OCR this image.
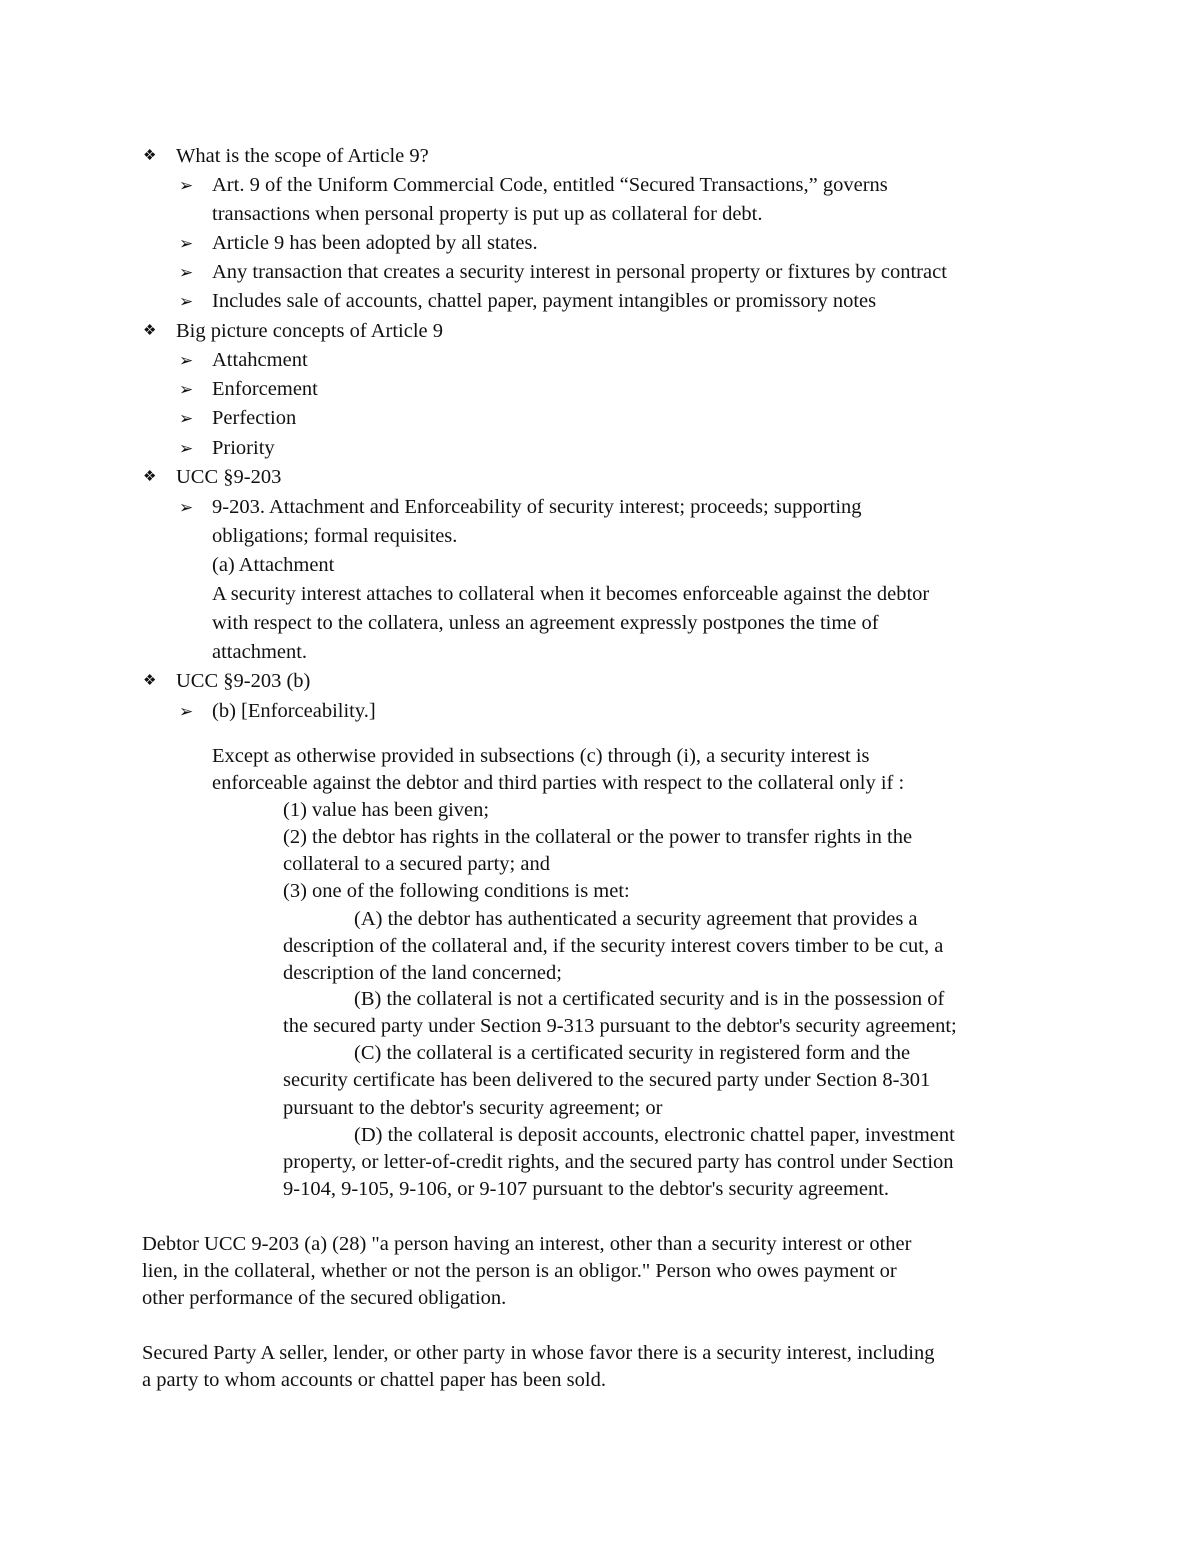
❖ What is the scope of Article 9?
➢ Art. 9 of the Uniform Commercial Code, entitled “Secured Transactions,” governs
transactions when personal property is put up as collateral for debt.
➢ Article 9 has been adopted by all states.
➢ Any transaction that creates a security interest in personal property or fixtures by contract
➢ Includes sale of accounts, chattel paper, payment intangibles or promissory notes
❖ Big picture concepts of Article 9
➢ Attahcment
➢ Enforcement
➢ Perfection
➢ Priority
❖ UCC §9-203
➢ 9-203. Attachment and Enforceability of security interest; proceeds; supporting
obligations; formal requisites.
(a) Attachment
A security interest attaches to collateral when it becomes enforceable against the debtor
with respect to the collatera, unless an agreement expressly postpones the time of
attachment.
❖ UCC §9-203 (b)
➢ (b) [Enforceability.]
Except as otherwise provided in subsections (c) through (i), a security interest is
enforceable against the debtor and third parties with respect to the collateral only if :
(1) value has been given;
(2) the debtor has rights in the collateral or the power to transfer rights in the
collateral to a secured party; and
(3) one of the following conditions is met:
(A) the debtor has authenticated a security agreement that provides a
description of the collateral and, if the security interest covers timber to be cut, a
description of the land concerned;
(B) the collateral is not a certificated security and is in the possession of
the secured party under Section 9-313 pursuant to the debtor's security agreement;
(C) the collateral is a certificated security in registered form and the
security certificate has been delivered to the secured party under Section 8-301
pursuant to the debtor's security agreement; or
(D) the collateral is deposit accounts, electronic chattel paper, investment
property, or letter-of-credit rights, and the secured party has control under Section
9-104, 9-105, 9-106, or 9-107 pursuant to the debtor's security agreement.
Debtor UCC 9-203 (a) (28) "a person having an interest, other than a security interest or other
lien, in the collateral, whether or not the person is an obligor." Person who owes payment or
other performance of the secured obligation.
Secured Party A seller, lender, or other party in whose favor there is a security interest, including
a party to whom accounts or chattel paper has been sold.
